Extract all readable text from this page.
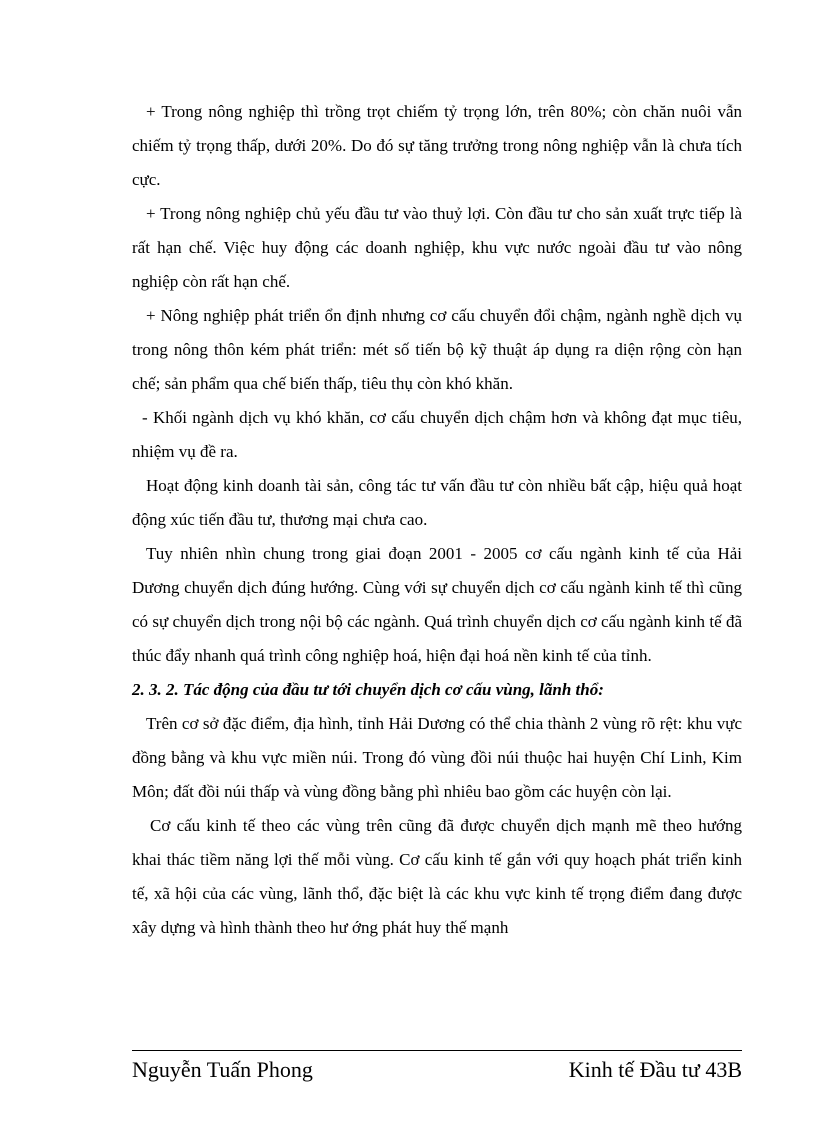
+ Trong nông nghiệp thì trồng trọt chiếm tỷ trọng lớn, trên 80%; còn chăn nuôi vẫn chiếm tỷ trọng thấp, dưới 20%. Do đó sự tăng trưởng trong nông nghiệp vẫn là chưa tích cực.

+ Trong nông nghiệp chủ yếu đầu tư vào thuỷ lợi. Còn đầu tư cho sản xuất trực tiếp là rất hạn chế. Việc huy động các doanh nghiệp, khu vực nước ngoài đầu tư vào nông nghiệp còn rất hạn chế.

+ Nông nghiệp phát triển ổn định nhưng cơ cấu chuyển đổi chậm, ngành nghề dịch vụ trong nông thôn kém phát triển: mét số tiến bộ kỹ thuật áp dụng ra diện rộng còn hạn chế; sản phẩm qua chế biến thấp, tiêu thụ còn khó khăn.

- Khối ngành dịch vụ khó khăn, cơ cấu chuyển dịch chậm hơn và không đạt mục tiêu, nhiệm vụ đề ra.

Hoạt động kinh doanh tài sản, công tác tư vấn đầu tư còn nhiều bất cập, hiệu quả hoạt động xúc tiến đầu tư, thương mại chưa cao.

Tuy nhiên nhìn chung trong giai đoạn 2001 - 2005 cơ cấu ngành kinh tế của Hải Dương chuyển dịch đúng hướng. Cùng với sự chuyển dịch cơ cấu ngành kinh tế thì cũng có sự chuyển dịch trong nội bộ các ngành. Quá trình chuyển dịch cơ cấu ngành kinh tế đã thúc đẩy nhanh quá trình công nghiệp hoá, hiện đại hoá nền kinh tế của tỉnh.

2. 3. 2. Tác động của đầu tư tới chuyển dịch cơ cấu vùng, lãnh thổ:

Trên cơ sở đặc điểm, địa hình, tỉnh Hải Dương có thể chia thành 2 vùng rõ rệt: khu vực đồng bằng và khu vực miền núi. Trong đó vùng đồi núi thuộc hai huyện Chí Linh, Kim Môn; đất đồi núi thấp và vùng đồng bằng phì nhiêu bao gồm các huyện còn lại.

Cơ cấu kinh tế theo các vùng trên cũng đã được chuyển dịch mạnh mẽ theo hướng khai thác tiềm năng lợi thế mỗi vùng. Cơ cấu kinh tế gắn với quy hoạch phát triển kinh tế, xã hội của các vùng, lãnh thổ, đặc biệt là các khu vực kinh tế trọng điểm đang được xây dựng và hình thành theo hư ớng phát huy thế mạnh

Nguyễn Tuấn Phong	Kinh tế Đầu tư 43B
